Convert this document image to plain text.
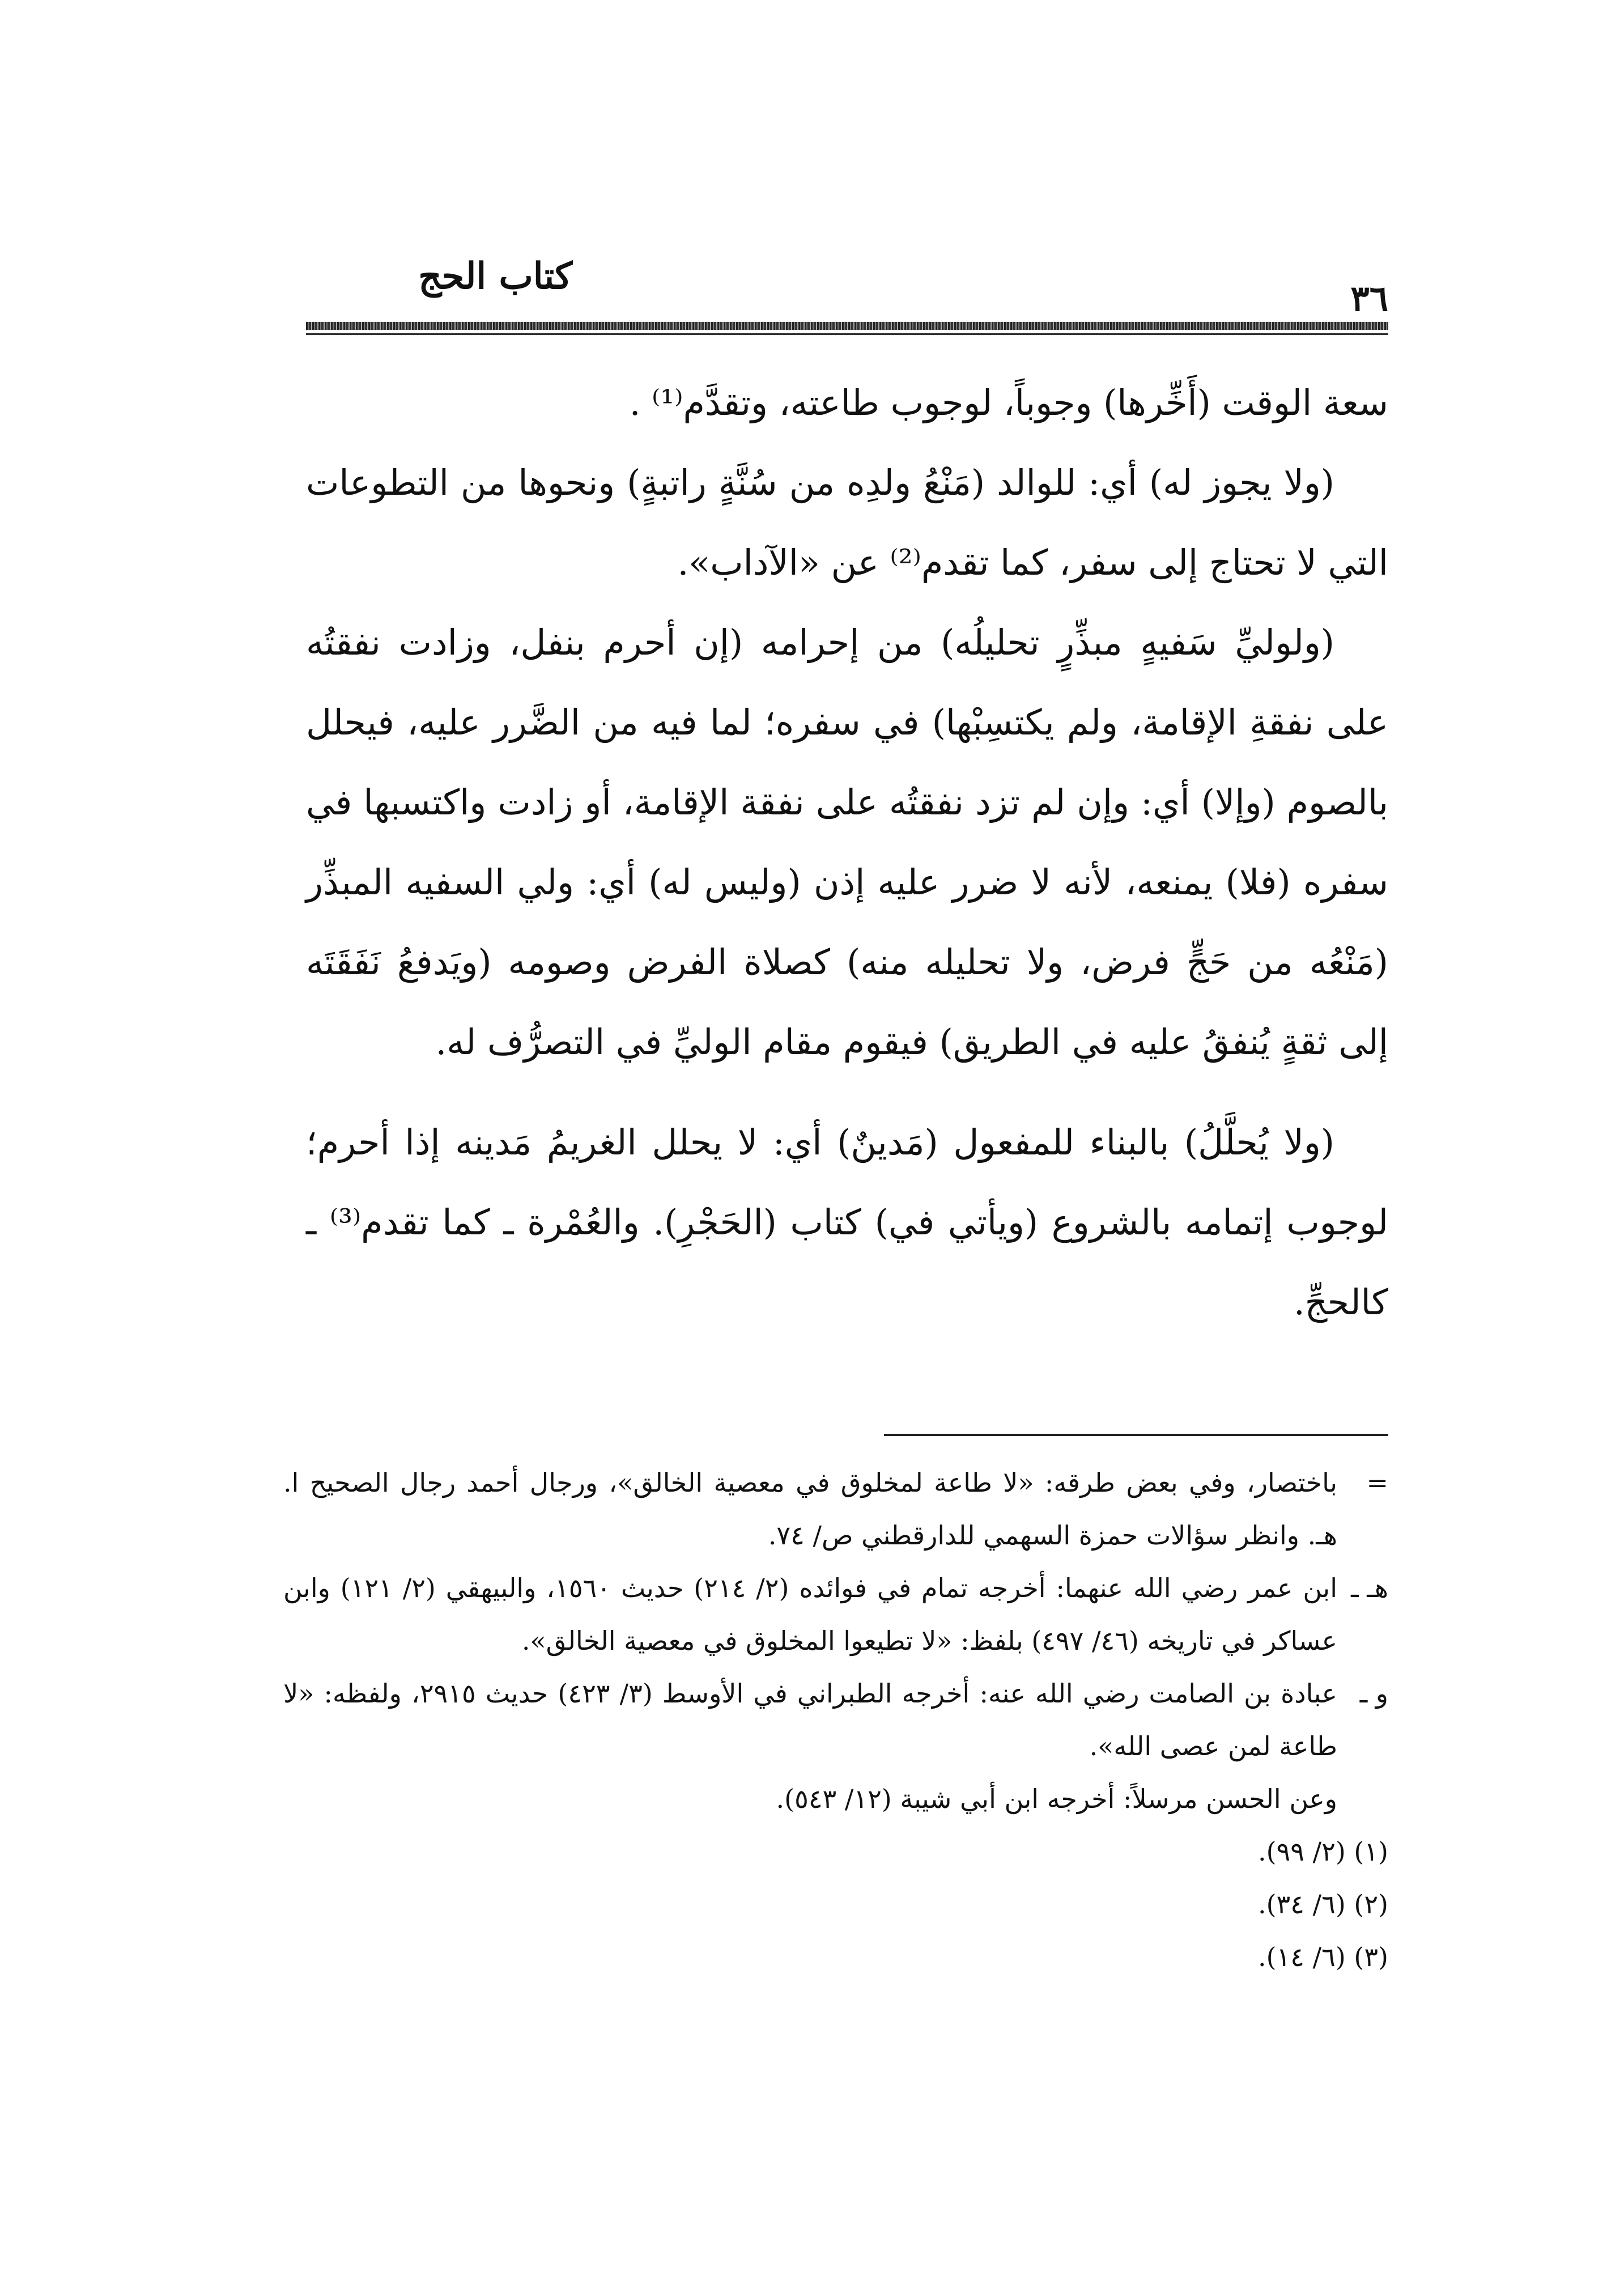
كتاب الحج
٣٦

سعة الوقت (أَخِّرها) وجوباً، لوجوب طاعته، وتقدَّم⁽¹⁾ .

(ولا يجوز له) أي: للوالد (مَنْعُ ولدِه من سُنَّةٍ راتبةٍ) ونحوها من التطوعات التي لا تحتاج إلى سفر، كما تقدم⁽²⁾ عن «الآداب».

(ولوليِّ سَفيهٍ مبذِّرٍ تحليلُه) من إحرامه (إن أحرم بنفل، وزادت نفقتُه على نفقةِ الإقامة، ولم يكتسِبْها) في سفره؛ لما فيه من الضَّرر عليه، فيحلل بالصوم (وإلا) أي: وإن لم تزد نفقتُه على نفقة الإقامة، أو زادت واكتسبها في سفره (فلا) يمنعه، لأنه لا ضرر عليه إذن (وليس له) أي: ولي السفيه المبذِّر (مَنْعُه من حَجٍّ فرض، ولا تحليله منه) كصلاة الفرض وصومه (ويَدفعُ نَفَقَتَه إلى ثقةٍ يُنفقُ عليه في الطريق) فيقوم مقام الوليِّ في التصرُّف له.

(ولا يُحلَّلُ) بالبناء للمفعول (مَدينٌ) أي: لا يحلل الغريمُ مَدينه إذا أحرم؛ لوجوب إتمامه بالشروع (ويأتي في) كتاب (الحَجْرِ). والعُمْرة ـ كما تقدم⁽³⁾ ـ كالحجِّ.

=باختصار، وفي بعض طرقه: «لا طاعة لمخلوق في معصية الخالق»، ورجال أحمد رجال الصحيح ا. هـ. وانظر سؤالات حمزة السهمي للدارقطني ص/ ٧٤.

هـ ـابن عمر رضي الله عنهما: أخرجه تمام في فوائده (٢/ ٢١٤) حديث ١٥٦٠، والبيهقي (٢/ ١٢١) وابن عساكر في تاريخه (٤٦/ ٤٩٧) بلفظ: «لا تطيعوا المخلوق في معصية الخالق».

و ـعبادة بن الصامت رضي الله عنه: أخرجه الطبراني في الأوسط (٣/ ٤٢٣) حديث ٢٩١٥، ولفظه: «لا طاعة لمن عصى الله».

وعن الحسن مرسلاً: أخرجه ابن أبي شيبة (١٢/ ٥٤٣).

(١) (٢/ ٩٩).

(٢) (٦/ ٣٤).

(٣) (٦/ ١٤).
